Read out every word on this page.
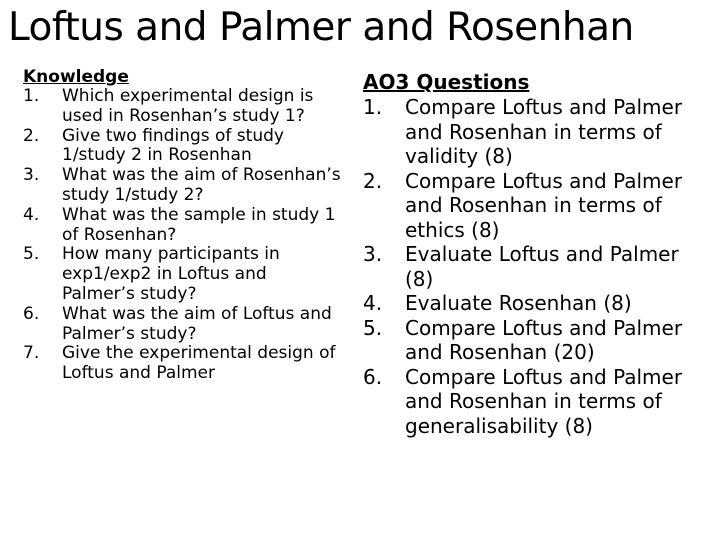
Loftus and Palmer and Rosenhan
Knowledge
1.	Which experimental design is used in Rosenhan’s study 1?
2.	Give two findings of study 1/study 2 in Rosenhan
3.	What was the aim of Rosenhan’s study 1/study 2?
4.	What was the sample in study 1 of Rosenhan?
5.	How many participants in exp1/exp2 in Loftus and Palmer’s study?
6.	What was the aim of Loftus and Palmer’s study?
7.	Give the experimental design of Loftus and Palmer
AO3 Questions
1.	Compare Loftus and Palmer and Rosenhan in terms of validity (8)
2.	Compare Loftus and Palmer and Rosenhan in terms of ethics (8)
3.	Evaluate Loftus and Palmer (8)
4.	Evaluate Rosenhan (8)
5.	Compare Loftus and Palmer and Rosenhan (20)
6.	Compare Loftus and Palmer and Rosenhan in terms of generalisability (8)
